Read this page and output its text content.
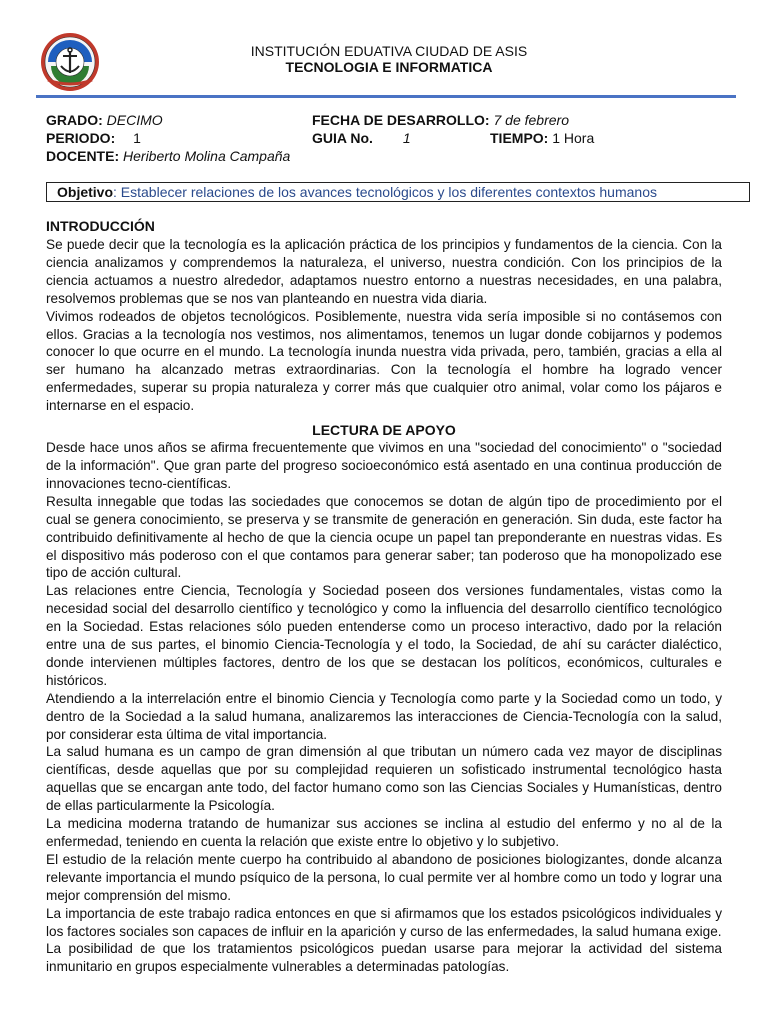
INSTITUCIÓN EDUATIVA CIUDAD DE ASIS
TECNOLOGIA E INFORMATICA
GRADO: DECIMO	FECHA DE DESARROLLO: 7 de febrero
PERIODO: 1	GUIA No. 1	TIEMPO: 1 Hora
DOCENTE: Heriberto Molina Campaña
Objetivo: Establecer relaciones de los avances tecnológicos y los diferentes contextos humanos
INTRODUCCIÓN

Se puede decir que la tecnología es la aplicación práctica de los principios y fundamentos de la ciencia. Con la ciencia analizamos y comprendemos la naturaleza, el universo, nuestra condición. Con los principios de la ciencia actuamos a nuestro alrededor, adaptamos nuestro entorno a nuestras necesidades, en una palabra, resolvemos problemas que se nos van planteando en nuestra vida diaria.

Vivimos rodeados de objetos tecnológicos. Posiblemente, nuestra vida sería imposible si no contásemos con ellos. Gracias a la tecnología nos vestimos, nos alimentamos, tenemos un lugar donde cobijarnos y podemos conocer lo que ocurre en el mundo. La tecnología inunda nuestra vida privada, pero, también, gracias a ella al ser humano ha alcanzado metras extraordinarias. Con la tecnología el hombre ha logrado vencer enfermedades, superar su propia naturaleza y correr más que cualquier otro animal, volar como los pájaros e internarse en el espacio.

LECTURA DE APOYO

Desde hace unos años se afirma frecuentemente que vivimos en una "sociedad del conocimiento" o "sociedad de la información". Que gran parte del progreso socioeconómico está asentado en una continua producción de innovaciones tecno-científicas.

Resulta innegable que todas las sociedades que conocemos se dotan de algún tipo de procedimiento por el cual se genera conocimiento, se preserva y se transmite de generación en generación. Sin duda, este factor ha contribuido definitivamente al hecho de que la ciencia ocupe un papel tan preponderante en nuestras vidas. Es el dispositivo más poderoso con el que contamos para generar saber; tan poderoso que ha monopolizado ese tipo de acción cultural.

Las relaciones entre Ciencia, Tecnología y Sociedad poseen dos versiones fundamentales, vistas como la necesidad social del desarrollo científico y tecnológico y como la influencia del desarrollo científico tecnológico en la Sociedad. Estas relaciones sólo pueden entenderse como un proceso interactivo, dado por la relación entre una de sus partes, el binomio Ciencia-Tecnología y el todo, la Sociedad, de ahí su carácter dialéctico, donde intervienen múltiples factores, dentro de los que se destacan los políticos, económicos, culturales e históricos.

Atendiendo a la interrelación entre el binomio Ciencia y Tecnología como parte y la Sociedad como un todo, y dentro de la Sociedad a la salud humana, analizaremos las interacciones de Ciencia-Tecnología con la salud, por considerar esta última de vital importancia.

La salud humana es un campo de gran dimensión al que tributan un número cada vez mayor de disciplinas científicas, desde aquellas que por su complejidad requieren un sofisticado instrumental tecnológico hasta aquellas que se encargan ante todo, del factor humano como son las Ciencias Sociales y Humanísticas, dentro de ellas particularmente la Psicología.

La medicina moderna tratando de humanizar sus acciones se inclina al estudio del enfermo y no al de la enfermedad, teniendo en cuenta la relación que existe entre lo objetivo y lo subjetivo.

El estudio de la relación mente cuerpo ha contribuido al abandono de posiciones biologizantes, donde alcanza relevante importancia el mundo psíquico de la persona, lo cual permite ver al hombre como un todo y lograr una mejor comprensión del mismo.

La importancia de este trabajo radica entonces en que si afirmamos que los estados psicológicos individuales y los factores sociales son capaces de influir en la aparición y curso de las enfermedades, la salud humana exige.

La posibilidad de que los tratamientos psicológicos puedan usarse para mejorar la actividad del sistema inmunitario en grupos especialmente vulnerables a determinadas patologías.
